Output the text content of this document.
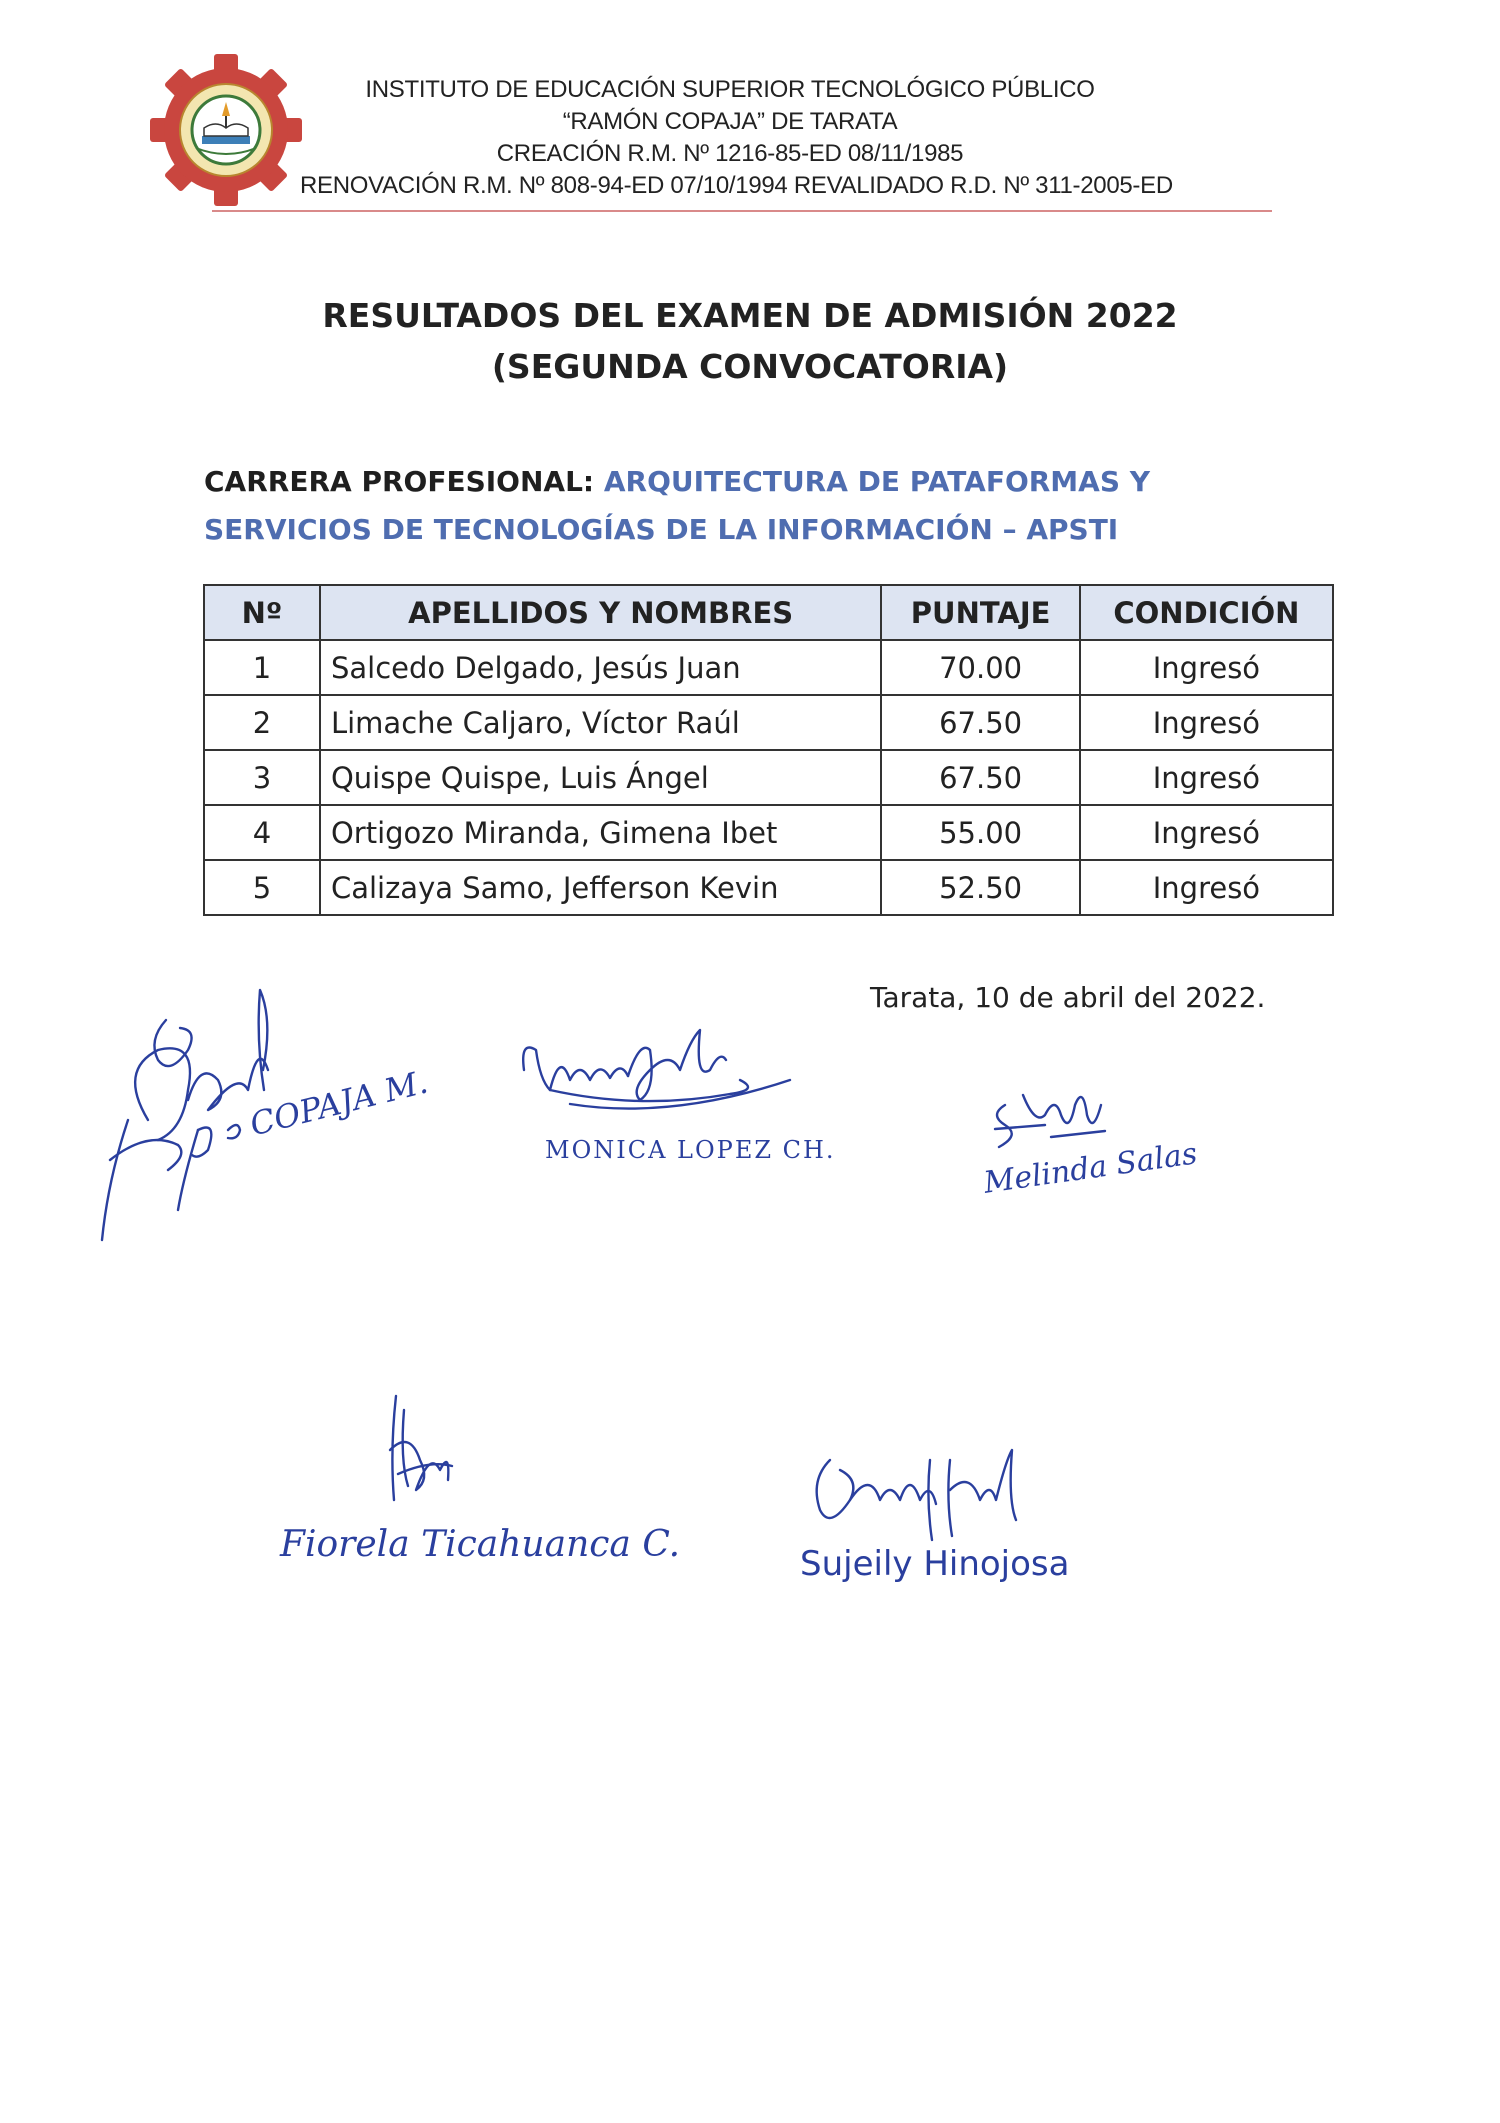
INSTITUTO DE EDUCACIÓN SUPERIOR TECNOLÓGICO PÚBLICO
“RAMÓN COPAJA” DE TARATA
CREACIÓN R.M. Nº 1216-85-ED 08/11/1985
RENOVACIÓN R.M. Nº 808-94-ED 07/10/1994 REVALIDADO R.D. Nº 311-2005-ED
RESULTADOS DEL EXAMEN DE ADMISIÓN 2022
(SEGUNDA CONVOCATORIA)
CARRERA PROFESIONAL: ARQUITECTURA DE PATAFORMAS Y
SERVICIOS DE TECNOLOGÍAS DE LA INFORMACIÓN – APSTI
Nº	APELLIDOS Y NOMBRES	PUNTAJE	CONDICIÓN
1	Salcedo Delgado, Jesús Juan	70.00	Ingresó
2	Limache Caljaro, Víctor Raúl	67.50	Ingresó
3	Quispe Quispe, Luis Ángel	67.50	Ingresó
4	Ortigozo Miranda, Gimena Ibet	55.00	Ingresó
5	Calizaya Samo, Jefferson Kevin	52.50	Ingresó
Tarata, 10 de abril del 2022.
COPAJA M.
MONICA LOPEZ CH.	Melinda Salas
Fiorela Ticahuanca C.	Sujeily Hinojosa
